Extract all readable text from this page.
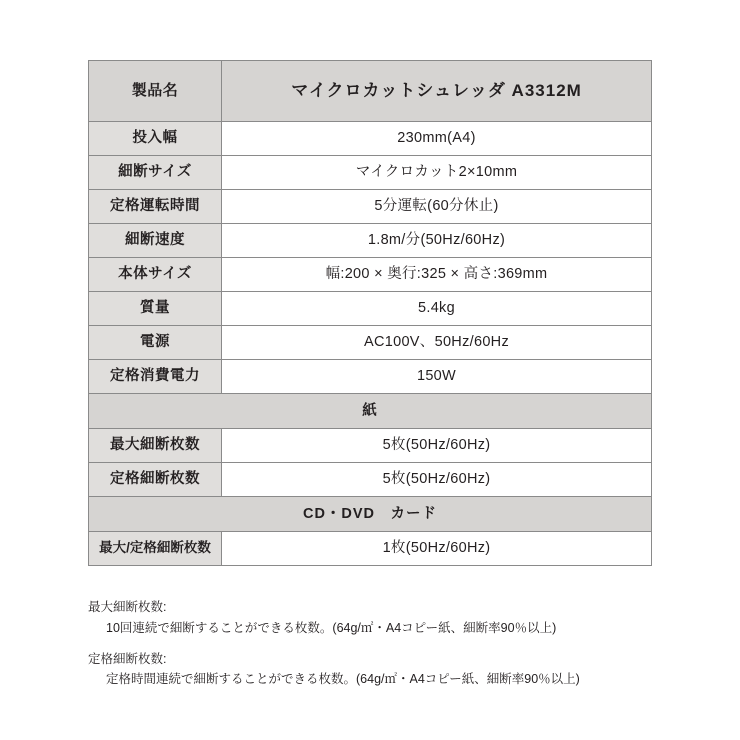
製品名	マイクロカットシュレッダ A3312M
投入幅	230mm(A4)
細断サイズ	マイクロカット2×10mm
定格運転時間	5分運転(60分休止)
細断速度	1.8m/分(50Hz/60Hz)
本体サイズ	幅:200 × 奥行:325 × 高さ:369mm
質量	5.4kg
電源	AC100V、50Hz/60Hz
定格消費電力	150W
紙	
最大細断枚数	5枚(50Hz/60Hz)
定格細断枚数	5枚(50Hz/60Hz)
CD・DVD　カード	
最大/定格細断枚数	1枚(50Hz/60Hz)

最大細断枚数:

10回連続で細断することができる枚数。(64g/㎡・A4コピー紙、細断率90％以上)

定格細断枚数:

定格時間連続で細断することができる枚数。(64g/㎡・A4コピー紙、細断率90％以上)
